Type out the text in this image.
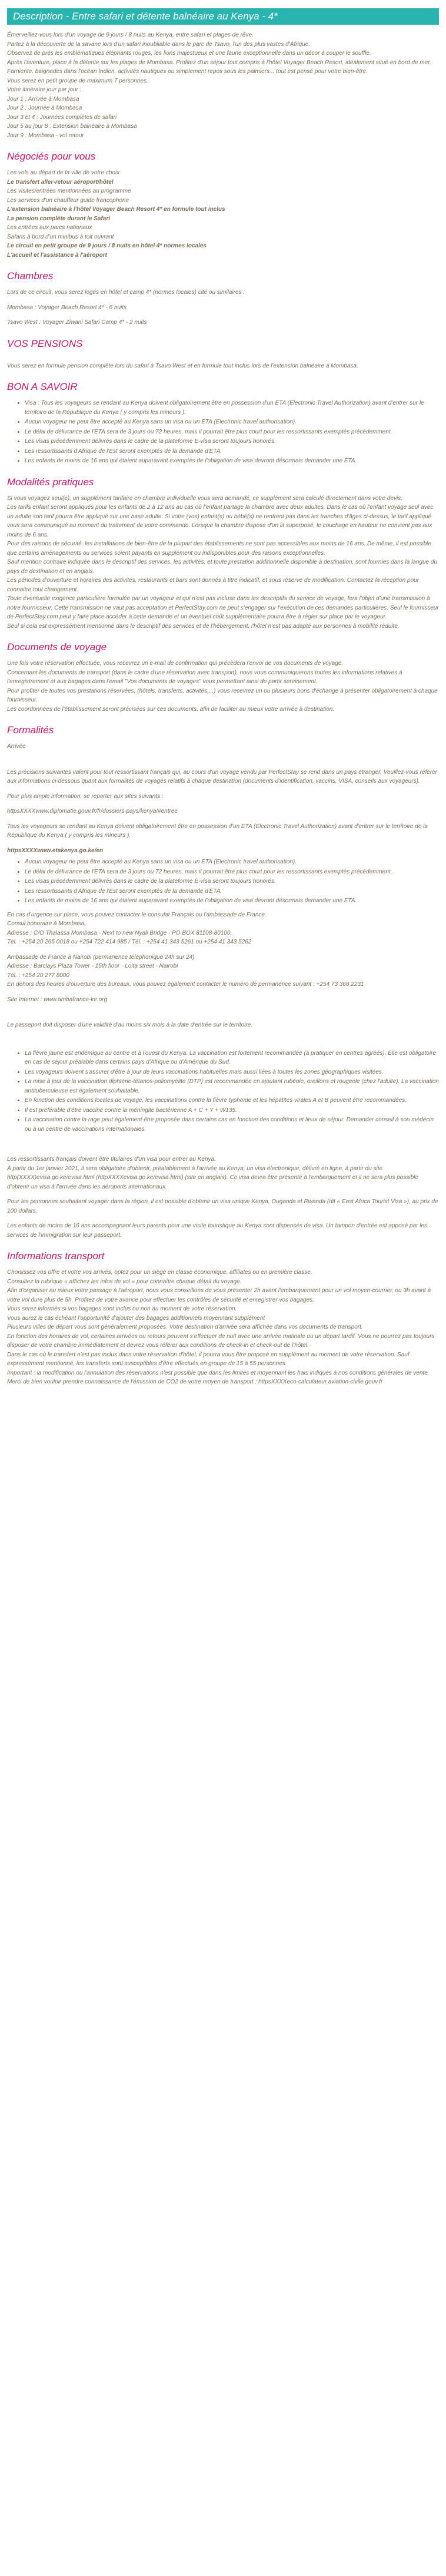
Description - Entre safari et détente balnéaire au Kenya - 4*

Émerveillez-vous lors d'un voyage de 9 jours / 8 nuits au Kenya, entre safari et plages de rêve.

Partez à la découverte de la savane lors d'un safari inoubliable dans le parc de Tsavo, l'un des plus vastes d'Afrique.

Observez de près les emblématiques éléphants rouges, les lions majestueux et une faune exceptionnelle dans un décor à couper le souffle.

Après l'aventure, place à la détente sur les plages de Mombasa. Profitez d'un séjour tout compris à l'hôtel Voyager Beach Resort, idéalement situé en bord de mer. Farniente, baignades dans l'océan Indien, activités nautiques ou simplement repos sous les palmiers... tout est pensé pour votre bien-être.

Vous serez en petit groupe de maximum 7 personnes.

Votre itinéraire jour par jour :

Jour 1 : Arrivée à Mombasa

Jour 2 : Journée à Mombasa

Jour 3 et 4 : Journées complètes de safari

Jour 5 au jour 8 : Extension balnéaire à Mombasa

Jour 9 : Mombasa - vol retour

Négociés pour vous

Les vols au départ de la ville de votre choix

Le transfert aller-retour aéroport/hôtel

Les visites/entrées mentionnées au programme

Les services d'un chauffeur guide francophone

L'extension balnéaire à l'hôtel Voyager Beach Resort 4* en formule tout inclus

La pension complète durant le Safari

Les entrées aux parcs nationaux

Safaris à bord d'un minibus à toit ouvrant

Le circuit en petit groupe de 9 jours / 8 nuits en hôtel 4* normes locales

L'accueil et l'assistance à l'aéroport

Chambres

Lors de ce circuit, vous serez logés en hôtel et camp 4* (normes locales) cité ou similaires :

Mombasa : Voyager Beach Resort 4* - 6 nuits

Tsavo West : Voyager Ziwani Safari Camp 4* - 2 nuits

VOS PENSIONS

Vous serez en formule pension complète lors du safari à Tsavo West et en formule tout inclus lors de l'extension balnéaire à Mombasa.

BON A SAVOIR
• Visa : Tous les voyageurs se rendant au Kenya doivent obligatoirement être en possession d'un ETA (Electronic Travel Authorization) avant d'entrer sur le territoire de la République du Kenya ( y compris les mineurs ).
• Aucun voyageur ne peut être accepté au Kenya sans un visa ou un ETA (Electronic travel authorisation).
• Le délai de délivrance de l'ETA sera de 3 jours ou 72 heures, mais il pourrait être plus court pour les ressortissants exemptés précédemment.
• Les visas précédemment délivrés dans le cadre de la plateforme E-visa seront toujours honorés.
• Les ressortissants d'Afrique de l'Est seront exemptés de la demande d'ETA.
• Les enfants de moins de 16 ans qui étaient auparavant exemptés de l'obligation de visa devront désormais demander une ETA.
Modalités pratiques

Si vous voyagez seul(e), un supplément tarifaire en chambre individuelle vous sera demandé, ce supplément sera calculé directement dans votre devis.

Les tarifs enfant seront appliqués pour les enfants de 2 à 12 ans au cas où l'enfant partage la chambre avec deux adultes. Dans le cas où l'enfant voyage seul avec un adulte son tarif pourra être appliqué sur une base adulte. Si votre (vos) enfant(s) ou bébé(s) ne rentrent pas dans les tranches d'âges ci-dessus, le tarif appliqué vous sera communiqué au moment du traitement de votre commande. Lorsque la chambre dispose d'un lit superposé, le couchage en hauteur ne convient pas aux moins de 6 ans.

Pour des raisons de sécurité, les installations de bien-être de la plupart des établissements ne sont pas accessibles aux moins de 16 ans. De même, il est possible que certains aménagements ou services soient payants en supplément ou indisponibles pour des raisons exceptionnelles.

Sauf mention contraire indiquée dans le descriptif des services, les activités, et toute prestation additionnelle disponible à destination, sont fournies dans la langue du pays de destination et en anglais.

Les périodes d'ouverture et horaires des activités, restaurants et bars sont donnés à titre indicatif, et sous réserve de modification. Contactez la réception pour connaitre tout changement.

Toute éventuelle exigence particulière formulée par un voyageur et qui n'est pas incluse dans les descriptifs du service de voyage, fera l'objet d'une transmission à notre fournisseur. Cette transmission ne vaut pas acceptation et PerfectStay.com ne peut s'engager sur l'exécution de ces demandes particulières. Seul le fournisseur de PerfectStay.com peut y faire place accéder à cette demande et un éventuel coût supplémentaire pourra être à régler sur place par le voyageur.

Seul si cela est expressément mentionné dans le descriptif des services et de l'hébergement, l'hôtel n'est pas adapté aux personnes à mobilité réduite.

Documents de voyage

Une fois votre réservation effectuée, vous recevrez un e-mail de confirmation qui précèdera l'envoi de vos documents de voyage.

Concernant les documents de transport (dans le cadre d'une réservation avec transport), nous vous communiquerons toutes les informations relatives à l'enregistrement et aux bagages dans l'email "Vos documents de voyages" vous permettant ainsi de partir sereinement.

Pour profiter de toutes vos prestations réservées, (hôtels, transferts, activités,...) vous recevrez un ou plusieurs bons d'échange à présenter obligatoirement à chaque fournisseur.

Les coordonnées de l'établissement seront précisées sur ces documents, afin de faciliter au mieux votre arrivée à destination.

Formalités

Arrivée

Les précisions suivantes valent pour tout ressortissant français qui, au cours d'un voyage vendu par PerfectStay se rend dans un pays étranger. Veuillez-vous référer aux informations ci-dessous quant aux formalités de voyages relatifs à chaque destination (documents d'identification, vaccins, VISA, conseils aux voyageurs).

Pour plus ample information, se reporter aux sites suivants :

httpsXXXXwww.diplomatie.gouv.fr/fr/dossiers-pays/kenya/#entree

Tous les voyageurs se rendant au Kenya doivent obligatoirement être en possession d'un ETA (Electronic Travel Authorization) avant d'entrer sur le territoire de la République du Kenya ( y compris les mineurs ).

httpsXXXXwww.etakenya.go.ke/en

• Aucun voyageur ne peut être accepté au Kenya sans un visa ou un ETA (Electronic travel authorisation).
• Le délai de délivrance de l'ETA sera de 3 jours ou 72 heures, mais il pourrait être plus court pour les ressortissants exemptés précédemment.
• Les visas précédemment délivrés dans le cadre de la plateforme E-visa seront toujours honorés.
• Les ressortissants d'Afrique de l'Est seront exemptés de la demande d'ETA.
• Les enfants de moins de 16 ans qui étaient auparavant exemptés de l'obligation de visa devront désormais demander une ETA.

En cas d'urgence sur place, vous pouvez contacter le consulat Français ou l'ambassade de France.

Consul honoraire à Mombasa,

Adresse : C/O Thalassa Mombasa - Next to new Nyali Bridge - PO BOX 81108-80100.

Tél. : +254 20 265 0018 ou +254 722 414 985 / Tél. : +254 41 343 5261 ou +254 41 343 5262

Ambassade de France à Nairobi (permanence téléphonique 24h sur 24)

Adresse : Barclays Plaza Tower - 15th floor - Loita street - Nairobi

Tél. : +254 20 277 8000

En dehors des heures d'ouverture des bureaux, vous pouvez également contacter le numéro de permanence suivant : +254 73 368 2231

Site Internet : www.ambafrance-ke.org

Le passeport doit disposer d'une validité d'au moins six mois à la date d'entrée sur le territoire.

• La fièvre jaune est endémique au centre et à l'ouest du Kenya. La vaccination est fortement recommandée (à pratiquer en centres agréés). Elle est obligatoire en cas de séjour préalable dans certains pays d'Afrique ou d'Amérique du Sud.
• Les voyageurs doivent s'assurer d'être à jour de leurs vaccinations habituelles mais aussi liées à toutes les zones géographiques visitées.
• La mise à jour de la vaccination diphtérie-tétanos-poliomyélite (DTP) est recommandée en ajoutant rubéole, oreillons et rougeole (chez l'adulte). La vaccination antituberculeuse est également souhaitable.
• En fonction des conditions locales de voyage, les vaccinations contre la fièvre typhoïde et les hépatites virales A et B peuvent être recommandées.
• Il est préférable d'être vacciné contre la méningite bactérienne A + C + Y + W135.
• La vaccination contre la rage peut également être proposée dans certains cas en fonction des conditions et lieux de séjour. Demander conseil à son médecin ou à un centre de vaccinations internationales.

Les ressortissants français doivent être titulaires d'un visa pour entrer au Kenya.

À partir du 1er janvier 2021, il sera obligatoire d'obtenir, préalablement à l'arrivée au Kenya, un visa électronique, délivré en ligne, à partir du site http(XXXX)evisa.go.ke/evisa.html (httpXXXXevisa.go.ke/evisa.html) (site en anglais). Ce visa devra être présenté à l'embarquement et il ne sera plus possible d'obtenir un visa à l'arrivée dans les aéroports internationaux.

Pour les personnes souhaitant voyager dans la région, il est possible d'obtenir un visa unique Kenya, Ouganda et Rwanda (dit « East Africa Tourist Visa »), au prix de 100 dollars.

Les enfants de moins de 16 ans accompagnant leurs parents pour une visite touristique au Kenya sont dispensés de visa. Un tampon d'entrée est apposé par les services de l'immigration sur leur passeport.

Informations transport

Choisissez vos offre et votre vos arrivés, optez pour un siège en classe économique, affiliates ou en première classe.

Consultez la rubrique « affichez les infos de vol » pour connaître chaque détail du voyage.

Afin d'organiser au mieux votre passage à l'aéroport, nous vous conseillons de vous présenter 2h avant l'embarquement pour un vol moyen-courrier, ou 3h avant à votre vol dure plus de 5h. Profitez de votre avance pour effectuer les contrôles de sécurité et enregistrer vos bagages.

Vous serez informés si vos bagages sont inclus ou non au moment de votre réservation.

Vous aurez le cas échéant l'opportunité d'ajouter des bagages additionnels moyennant supplément

Plusieurs villes de départ vous sont généralement proposées. Votre destination d'arrivée sera affichée dans vos documents de transport.

En fonction des horaires de vol, certaines arrivées ou retours peuvent s'effectuer de nuit avec une arrivée matinale ou un départ tardif. Vous ne pourrez pas toujours disposer de votre chambre immédiatement et devrez vous référer aux conditions de check-in et check-out de l'hôtel.

Dans le cas où le transfert n'est pas inclus dans votre réservation d'hôtel, il pourra vous être proposé en supplément au moment de votre réservation. Sauf expressément mentionné, les transferts sont susceptibles d'être effectués en groupe de 15 à 55 personnes.

Important : la modification ou l'annulation des réservations n'est possible que dans les limites et moyennant les frais indiqués à nos conditions générales de vente.

Merci de bien vouloir prendre connaissance de l'émission de CO2 de votre moyen de transport : httpsXXXXeco-calculateur.aviation-civile.gouv.fr
